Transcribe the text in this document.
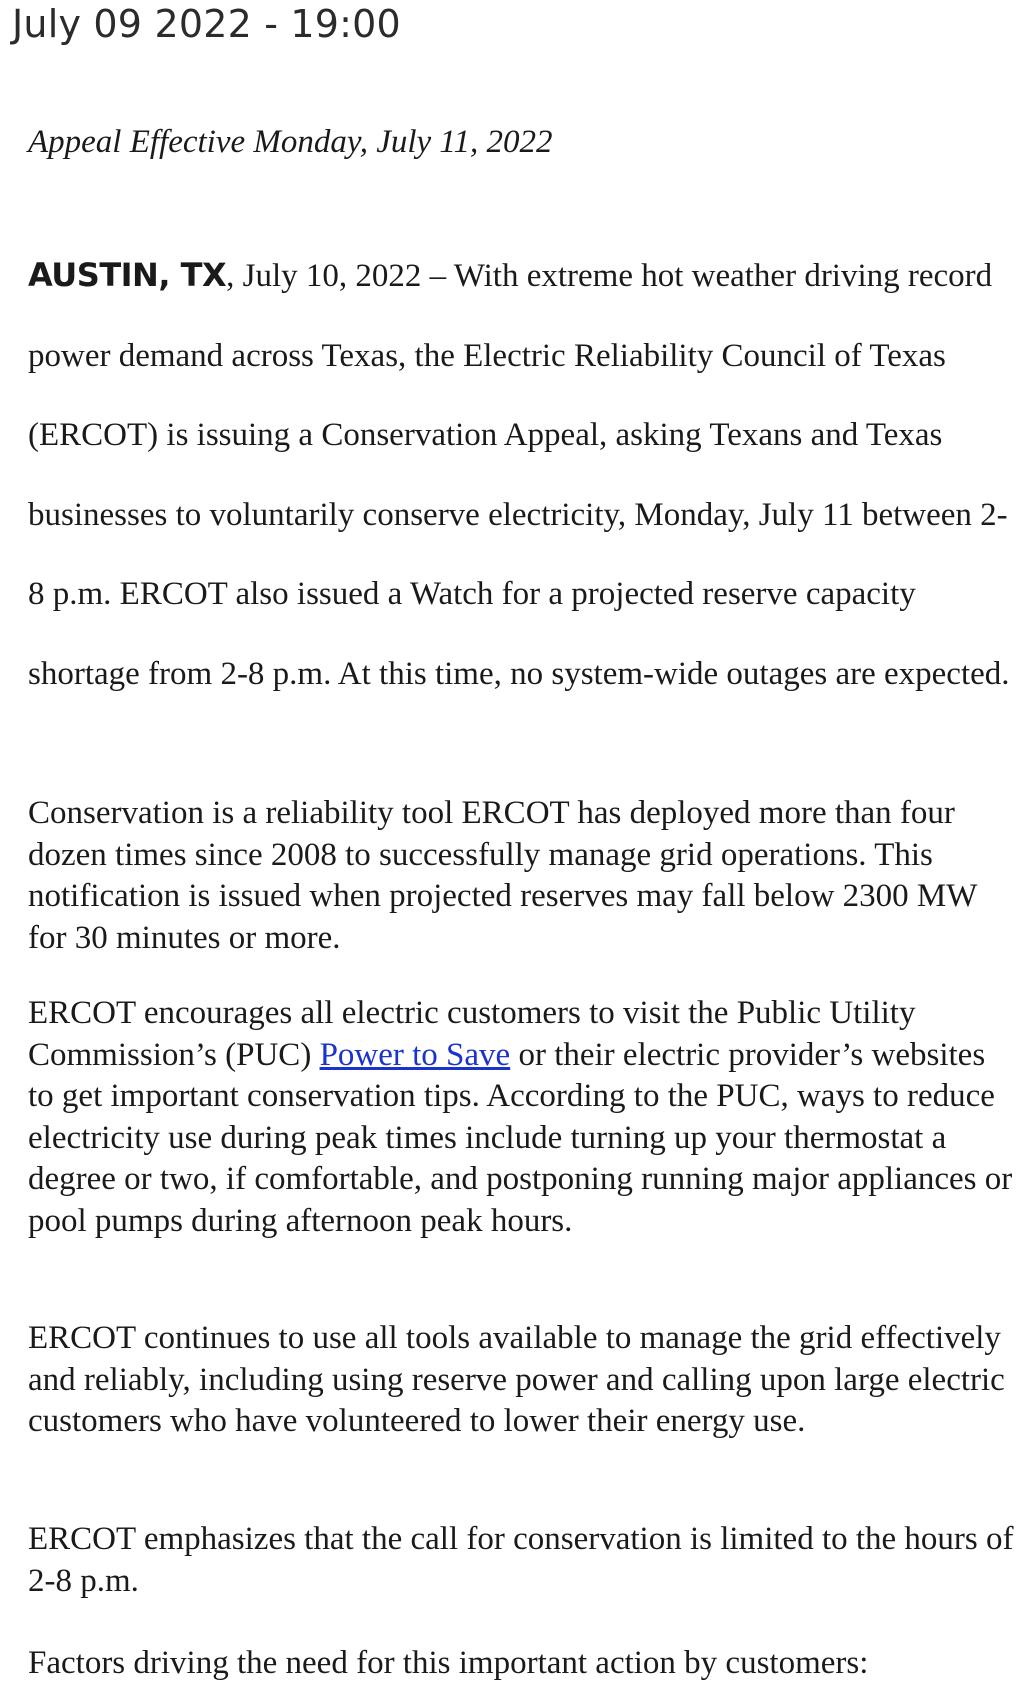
July 09 2022 - 19:00
Appeal Effective Monday, July 11, 2022
AUSTIN, TX, July 10, 2022 – With extreme hot weather driving record power demand across Texas, the Electric Reliability Council of Texas (ERCOT) is issuing a Conservation Appeal, asking Texans and Texas businesses to voluntarily conserve electricity, Monday, July 11 between 2-8 p.m. ERCOT also issued a Watch for a projected reserve capacity shortage from 2-8 p.m. At this time, no system-wide outages are expected.

Conservation is a reliability tool ERCOT has deployed more than four dozen times since 2008 to successfully manage grid operations. This notification is issued when projected reserves may fall below 2300 MW for 30 minutes or more.

ERCOT encourages all electric customers to visit the Public Utility Commission’s (PUC) Power to Save or their electric provider’s websites to get important conservation tips. According to the PUC, ways to reduce electricity use during peak times include turning up your thermostat a degree or two, if comfortable, and postponing running major appliances or pool pumps during afternoon peak hours.

ERCOT continues to use all tools available to manage the grid effectively and reliably, including using reserve power and calling upon large electric customers who have volunteered to lower their energy use.

ERCOT emphasizes that the call for conservation is limited to the hours of 2-8 p.m.

Factors driving the need for this important action by customers:
